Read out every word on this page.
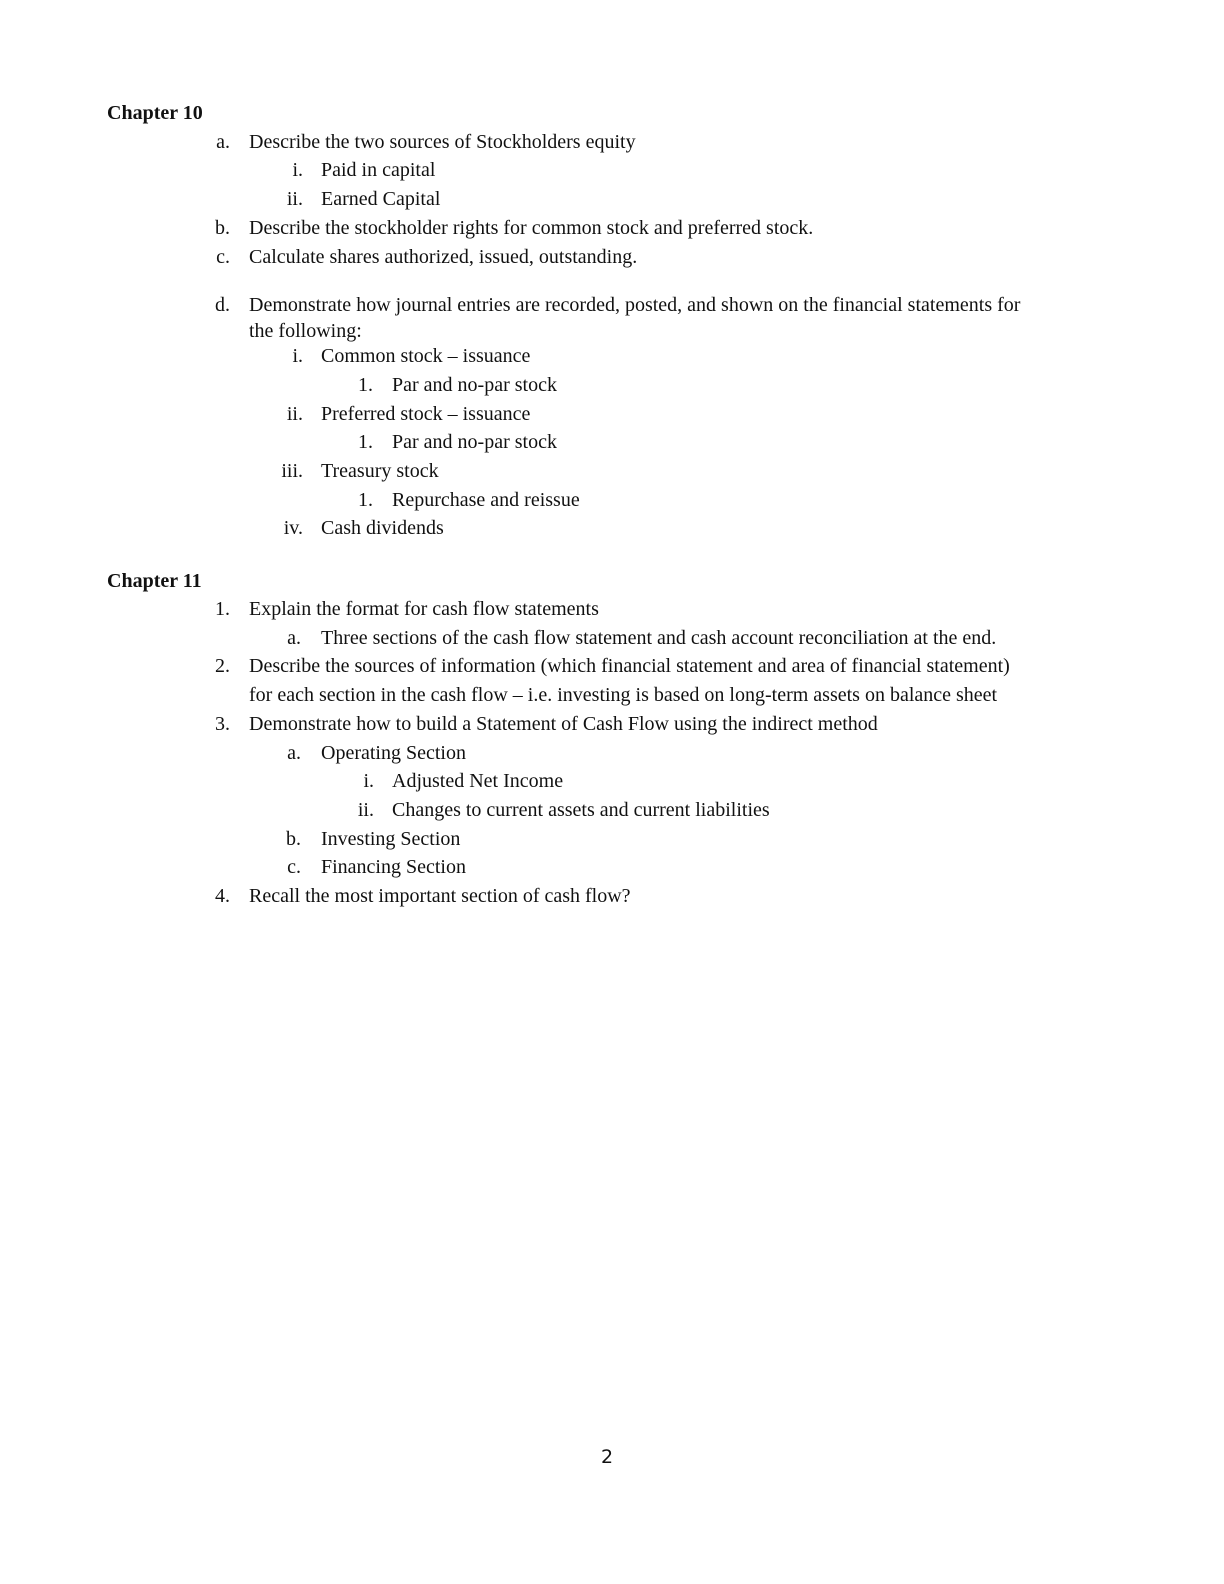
Chapter 10
a. Describe the two sources of Stockholders equity
i. Paid in capital
ii. Earned Capital
b. Describe the stockholder rights for common stock and preferred stock.
c. Calculate shares authorized, issued, outstanding.
d. Demonstrate how journal entries are recorded, posted, and shown on the financial statements for
the following:
i. Common stock – issuance
1. Par and no-par stock
ii. Preferred stock – issuance
1. Par and no-par stock
iii. Treasury stock
1. Repurchase and reissue
iv. Cash dividends
Chapter 11
1. Explain the format for cash flow statements
a. Three sections of the cash flow statement and cash account reconciliation at the end.
2. Describe the sources of information (which financial statement and area of financial statement)
for each section in the cash flow – i.e. investing is based on long-term assets on balance sheet
3. Demonstrate how to build a Statement of Cash Flow using the indirect method
a. Operating Section
i. Adjusted Net Income
ii. Changes to current assets and current liabilities
b. Investing Section
c. Financing Section
4. Recall the most important section of cash flow?
2
